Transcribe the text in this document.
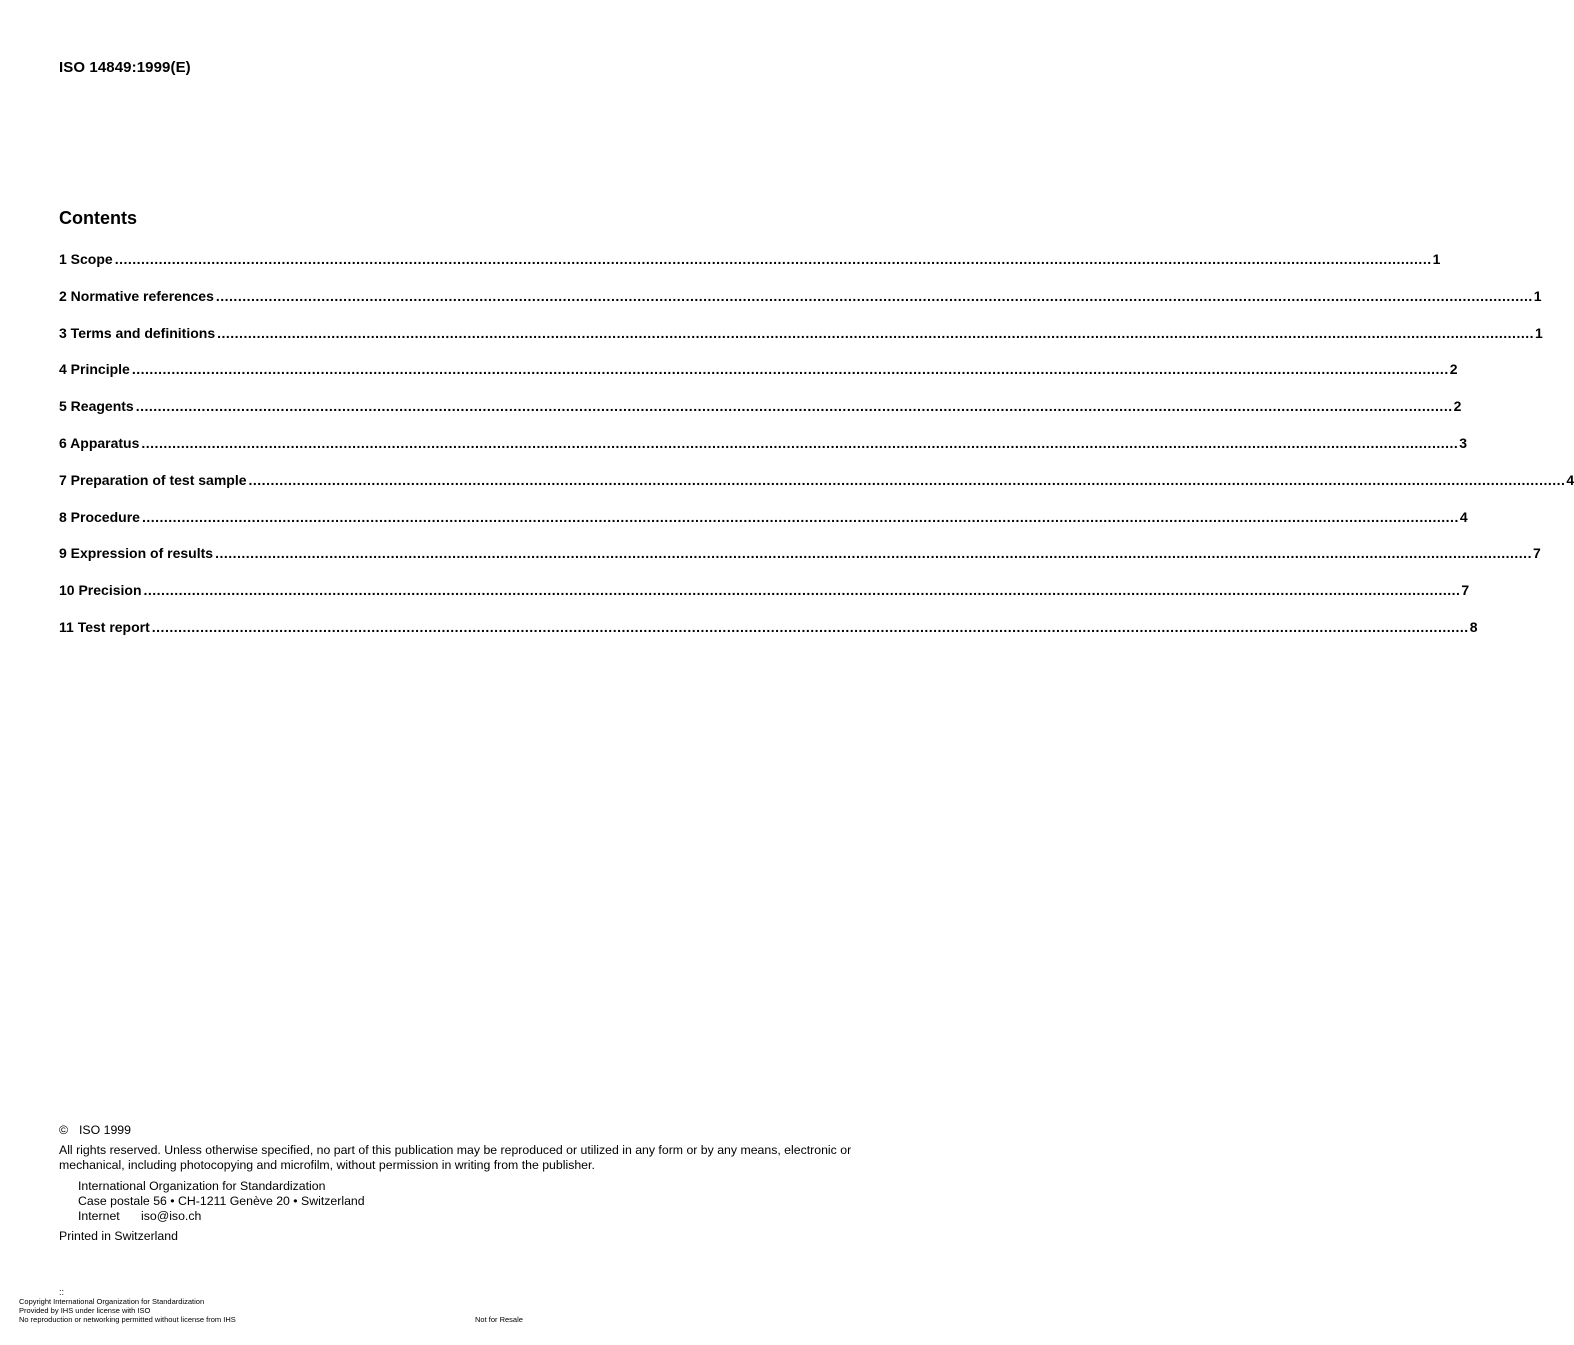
ISO 14849:1999(E)
Contents
1 Scope ............................................................................................................................................................................................................................................................................................................ 1
2 Normative references ............................................................................................................................................................................................................................................................................................................ 1
3 Terms and definitions ............................................................................................................................................................................................................................................................................................................ 1
4 Principle ............................................................................................................................................................................................................................................................................................................ 2
5 Reagents ............................................................................................................................................................................................................................................................................................................ 2
6 Apparatus ............................................................................................................................................................................................................................................................................................................ 3
7 Preparation of test sample ............................................................................................................................................................................................................................................................................................................ 4
8 Procedure ............................................................................................................................................................................................................................................................................................................ 4
9 Expression of results ............................................................................................................................................................................................................................................................................................................ 7
10 Precision ............................................................................................................................................................................................................................................................................................................ 7
11 Test report ............................................................................................................................................................................................................................................................................................................ 8
© ISO 1999
All rights reserved. Unless otherwise specified, no part of this publication may be reproduced or utilized in any form or by any means, electronic or mechanical, including photocopying and microfilm, without permission in writing from the publisher.
International Organization for Standardization
Case postale 56 • CH-1211 Genève 20 • Switzerland
Internet iso@iso.ch
Printed in Switzerland
::
Copyright International Organization for Standardization
Provided by IHS under license with ISO
No reproduction or networking permitted without license from IHS	Not for Resale
